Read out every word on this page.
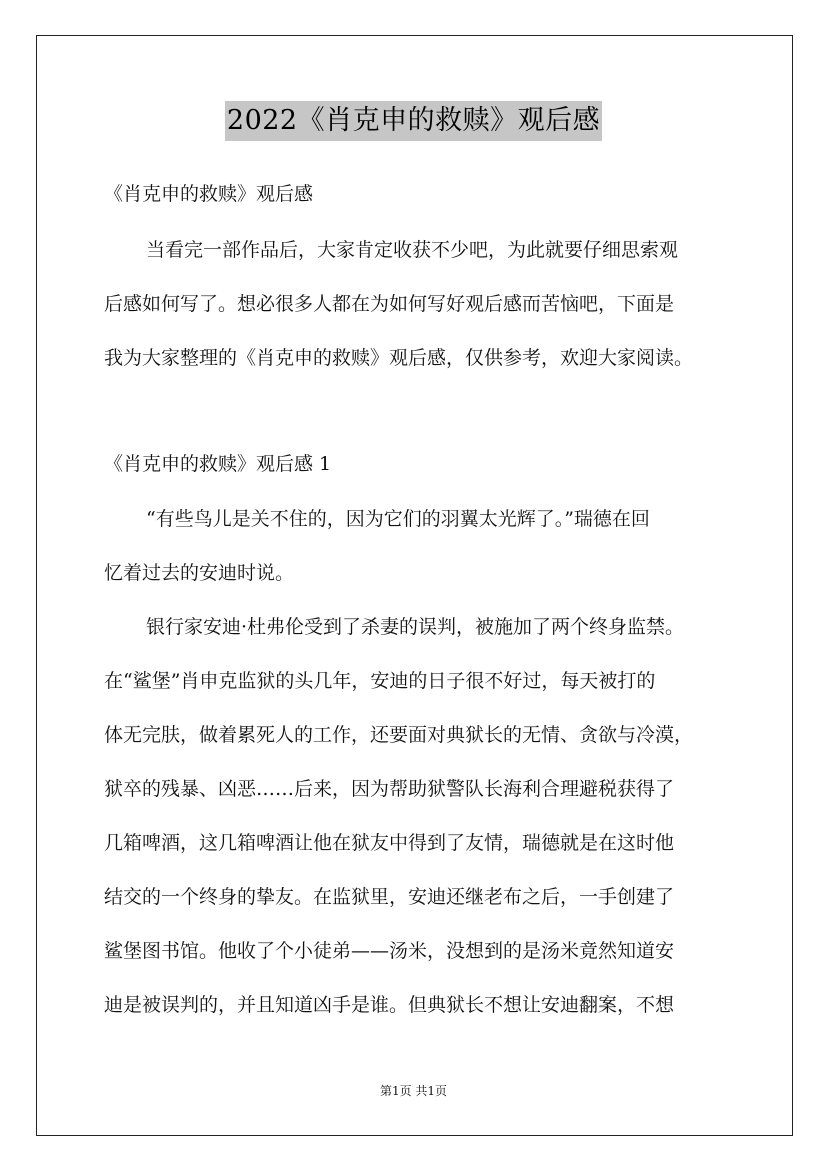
2022《肖克申的救赎》观后感
《肖克申的救赎》观后感
当看完一部作品后，大家肯定收获不少吧，为此就要仔细思索观
后感如何写了。想必很多人都在为如何写好观后感而苦恼吧，下面是
我为大家整理的《肖克申的救赎》观后感，仅供参考，欢迎大家阅读。
《肖克申的救赎》观后感 1
“有些鸟儿是关不住的，因为它们的羽翼太光辉了。”瑞德在回
忆着过去的安迪时说。
银行家安迪·杜弗伦受到了杀妻的误判，被施加了两个终身监禁。
在“鲨堡”肖申克监狱的头几年，安迪的日子很不好过，每天被打的
体无完肤，做着累死人的工作，还要面对典狱长的无情、贪欲与冷漠，
狱卒的残暴、凶恶……后来，因为帮助狱警队长海利合理避税获得了
几箱啤酒，这几箱啤酒让他在狱友中得到了友情，瑞德就是在这时他
结交的一个终身的挚友。在监狱里，安迪还继老布之后，一手创建了
鲨堡图书馆。他收了个小徒弟——汤米，没想到的是汤米竟然知道安
迪是被误判的，并且知道凶手是谁。但典狱长不想让安迪翻案，不想
第1页 共1页
